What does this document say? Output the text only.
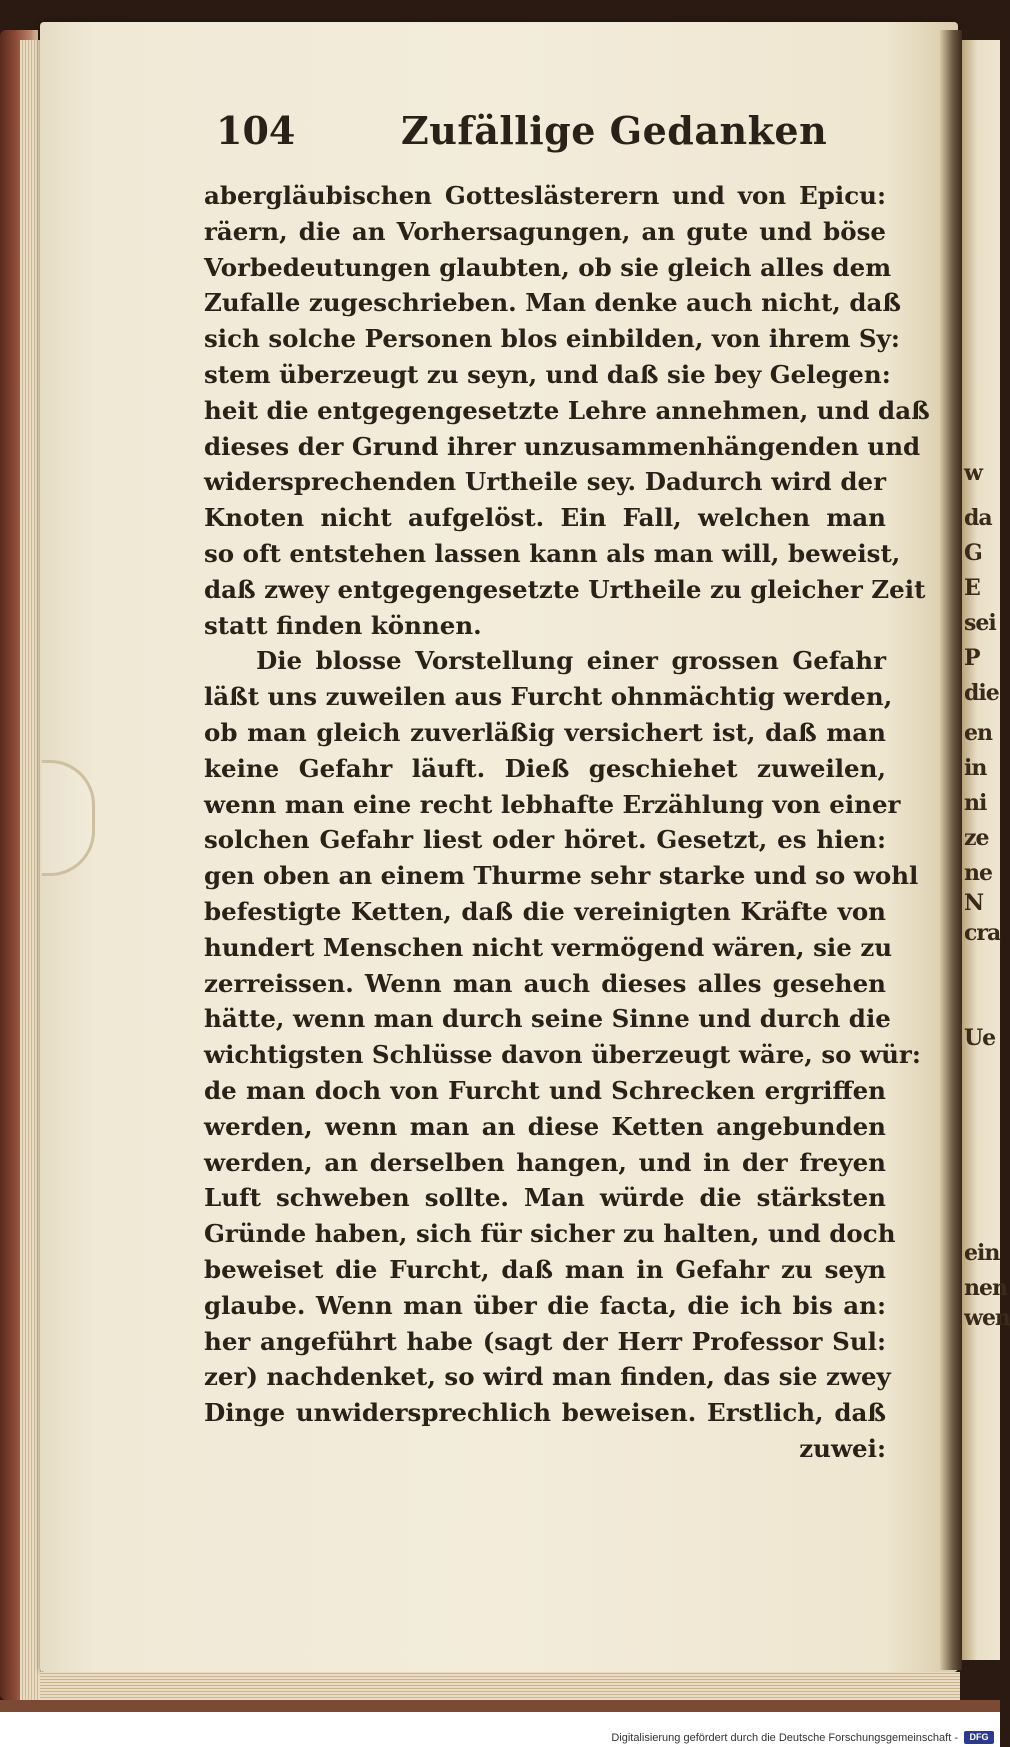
w
da
G
E
sei
P
die
en
in
ni
ze
ne
N
cra
Ue
ein
nen
wen
104	Zufällige Gedanken
abergläubischen Gotteslästerern und von Epicu:
räern, die an Vorhersagungen, an gute und böse
Vorbedeutungen glaubten, ob sie gleich alles dem
Zufalle zugeschrieben. Man denke auch nicht, daß
sich solche Personen blos einbilden, von ihrem Sy:
stem überzeugt zu seyn, und daß sie bey Gelegen:
heit die entgegengesetzte Lehre annehmen, und daß
dieses der Grund ihrer unzusammenhängenden und
widersprechenden Urtheile sey. Dadurch wird der
Knoten nicht aufgelöst. Ein Fall, welchen man
so oft entstehen lassen kann als man will, beweist,
daß zwey entgegengesetzte Urtheile zu gleicher Zeit
statt finden können.
Die blosse Vorstellung einer grossen Gefahr
läßt uns zuweilen aus Furcht ohnmächtig werden,
ob man gleich zuverläßig versichert ist, daß man
keine Gefahr läuft. Dieß geschiehet zuweilen,
wenn man eine recht lebhafte Erzählung von einer
solchen Gefahr liest oder höret. Gesetzt, es hien:
gen oben an einem Thurme sehr starke und so wohl
befestigte Ketten, daß die vereinigten Kräfte von
hundert Menschen nicht vermögend wären, sie zu
zerreissen. Wenn man auch dieses alles gesehen
hätte, wenn man durch seine Sinne und durch die
wichtigsten Schlüsse davon überzeugt wäre, so wür:
de man doch von Furcht und Schrecken ergriffen
werden, wenn man an diese Ketten angebunden
werden, an derselben hangen, und in der freyen
Luft schweben sollte. Man würde die stärksten
Gründe haben, sich für sicher zu halten, und doch
beweiset die Furcht, daß man in Gefahr zu seyn
glaube. Wenn man über die facta, die ich bis an:
her angeführt habe (sagt der Herr Professor Sul:
zer) nachdenket, so wird man finden, das sie zwey
Dinge unwidersprechlich beweisen. Erstlich, daß
zuwei:
Digitalisierung gefördert durch die Deutsche Forschungsgemeinschaft -	DFG
